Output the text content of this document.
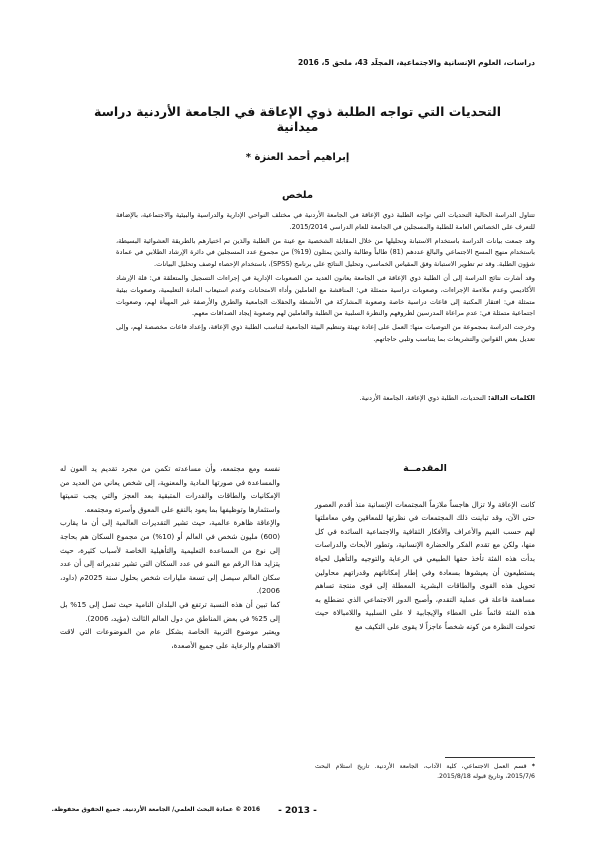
دراسات، العلوم الإنسانية والاجتماعية، المجلّد 43، ملحق 5، 2016
التحديات التي تواجه الطلبة ذوي الإعاقة في الجامعة الأردنية دراسة ميدانية
إبراهيم أحمد العنزة *
ملخص

تتناول الدراسة الحالية التحديات التي تواجه الطلبة ذوي الإعاقة في الجامعة الأردنية في مختلف النواحي الإدارية والدراسية والبيئية والاجتماعية، بالإضافة للتعرف على الخصائص العامة للطلبة والمسجلين في الجامعة للعام الدراسي 2015/2014.

وقد جمعت بيانات الدراسة باستخدام الاستبانة وتحليلها من خلال المقابلة الشخصية مع عينة من الطلبة والذين تم اختيارهم بالطريقة العشوائية البسيطة، باستخدام منهج المسح الاجتماعي والبالغ عددهم (81) طالباً وطالبة والذين يمثلون (19%) من مجموع عدد المسجلين في دائرة الإرشاد الطلابي في عمادة شؤون الطلبة. وقد تم تطوير الاستبانة وفق المقياس الخماسي، وتحليل النتائج على برنامج (SPSS)، باستخدام الإحصاء لوصف وتحليل البيانات.

وقد أشارت نتائج الدراسة إلى أن الطلبة ذوي الإعاقة في الجامعة يعانون العديد من الصعوبات الإدارية في إجراءات التسجيل والمتعلقة في: قلة الإرشاد الأكاديمي وعدم ملاءمة الإجراءات، وصعوبات دراسية متمثلة في: المناقشة مع العاملين وأداء الامتحانات وعدم استيعاب المادة التعليمية، وصعوبات بيئية متمثلة في: افتقار المكتبة إلى قاعات دراسية خاصة وصعوبة المشاركة في الأنشطة والحفلات الجامعية والطرق والأرصفة غير المهيأة لهم، وصعوبات اجتماعية متمثلة في: عدم مراعاة المدرسين لظروفهم والنظرة السلبية من الطلبة والعاملين لهم وصعوبة إيجاد الصداقات معهم.

وخرجت الدراسة بمجموعة من التوصيات منها: العمل على إعادة تهيئة وتنظيم البيئة الجامعية لتناسب الطلبة ذوي الإعاقة، وإعداد قاعات مخصصة لهم، وإلى تعديل بعض القوانين والتشريعات بما يتناسب وتلبي حاجاتهم.

الكلمات الدالة: التحديات، الطلبة ذوي الإعاقة، الجامعة الأردنية.
المقدمــة

كانت الإعاقة ولا تزال هاجساً ملازماً المجتمعات الإنسانية منذ أقدم العصور حتى الآن، وقد تباينت ذلك المجتمعات في نظرتها للمعاقين وفي معاملتها لهم حسب القيم والأعراف والأفكار الثقافية والاجتماعية السائدة في كل منها، ولكن مع تقدم الفكر والحضارة الإنسانية، وتطور الأبحاث والدراسات بدأت هذه الفئة تأخذ حقها الطبيعي في الرعاية والتوجيه والتأهيل لحياة يستطيعون أن يعيشوها بسعادة وفي إطار إمكاناتهم وقدراتهم محاولين تحويل هذه القوى والطاقات البشرية المعطلة إلى قوى منتجة تساهم مساهمة فاعلة في عملية التقدم، وأصبح الدور الاجتماعي الذي تضطلع به هذه الفئة قائماً على العطاء والإيجابية لا على السلبية واللامبالاة حيث تحولت النظرة من كونه شخصاً عاجزاً لا يقوى على التكيف مع

نفسه ومع مجتمعه، وأن مساعدته تكمن من مجرد تقديم يد العون له والمساعدة في صورتها المادية والمعنوية، إلى شخص يعاني من العديد من الإمكانيات والطاقات والقدرات المتبقية بعد العجز والتي يجب تنميتها واستثمارها وتوظيفها بما يعود بالنفع على المعوق وأسرته ومجتمعه.

والإعاقة ظاهرة عالمية، حيث تشير التقديرات العالمية إلى أن ما يقارب (600) مليون شخص في العالم أو (10%) من مجموع السكان هم بحاجة إلى نوع من المساعدة التعليمية والتأهيلية الخاصة لأسباب كثيرة، حيث يتزايد هذا الرقم مع النمو في عدد السكان التي تشير تقديراته إلى أن عدد سكان العالم سيصل إلى تسعة مليارات شخص بحلول سنة 2025م (داود، 2006).

كما تبين أن هذه النسبة ترتفع في البلدان النامية حيث تصل إلى 15% بل إلى 25% في بعض المناطق من دول العالم الثالث (مؤيد، 2006).

ويعتبر موضوع التربية الخاصة بشكل عام من الموضوعات التي لاقت الاهتمام والرعاية على جميع الأصعدة،

* قسم العمل الاجتماعي، كلية الآداب، الجامعة الأردنية. تاريخ استلام البحث 2015/7/6، وتاريخ قبوله 2015/8/18.
- 2013 -
2016 © عمادة البحث العلمي/ الجامعة الأردنية. جميع الحقوق محفوظة.
